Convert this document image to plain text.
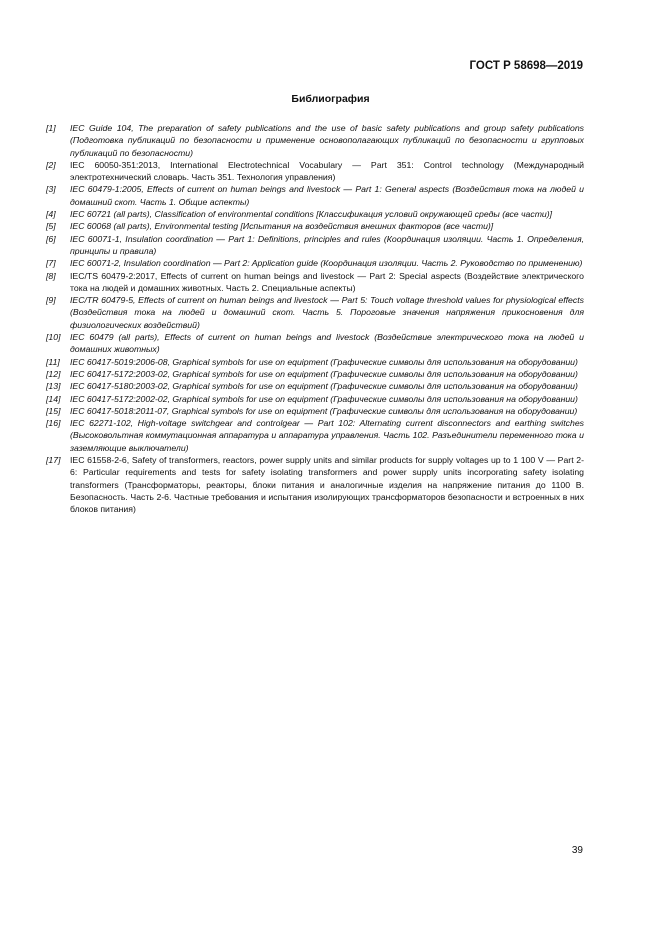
ГОСТ Р 58698—2019

Библиография
[1] IEC Guide 104, The preparation of safety publications and the use of basic safety publications and group safety publications (Подготовка публикаций по безопасности и применение основополагающих публикаций по безопасности и групповых публикаций по безопасности)
[2] IEC 60050-351:2013, International Electrotechnical Vocabulary — Part 351: Control technology (Международный электротехнический словарь. Часть 351. Технология управления)
[3] IEC 60479-1:2005, Effects of current on human beings and livestock — Part 1: General aspects (Воздействия тока на людей и домашний скот. Часть 1. Общие аспекты)
[4] IEC 60721 (all parts), Classification of environmental conditions [Классификация условий окружающей среды (все части)]
[5] IEC 60068 (all parts), Environmental testing [Испытания на воздействия внешних факторов (все части)]
[6] IEC 60071-1, Insulation coordination — Part 1: Definitions, principles and rules (Координация изоляции. Часть 1. Определения, принципы и правила)
[7] IEC 60071-2, Insulation coordination — Part 2: Application guide (Координация изоляции. Часть 2. Руководство по применению)
[8] IEC/TS 60479-2:2017, Effects of current on human beings and livestock — Part 2: Special aspects (Воздействие электрического тока на людей и домашних животных. Часть 2. Специальные аспекты)
[9] IEC/TR 60479-5, Effects of current on human beings and livestock — Part 5: Touch voltage threshold values for physiological effects (Воздействия тока на людей и домашний скот. Часть 5. Пороговые значения напряжения прикосновения для физиологических воздействий)
[10] IEC 60479 (all parts), Effects of current on human beings and livestock (Воздействие электрического тока на людей и домашних животных)
[11] IEC 60417-5019:2006-08, Graphical symbols for use on equipment (Графические символы для использования на оборудовании)
[12] IEC 60417-5172:2003-02, Graphical symbols for use on equipment (Графические символы для использования на оборудовании)
[13] IEC 60417-5180:2003-02, Graphical symbols for use on equipment (Графические символы для использования на оборудовании)
[14] IEC 60417-5172:2002-02, Graphical symbols for use on equipment (Графические символы для использования на оборудовании)
[15] IEC 60417-5018:2011-07, Graphical symbols for use on equipment (Графические символы для использования на оборудовании)
[16] IEC 62271-102, High-voltage switchgear and controlgear — Part 102: Alternating current disconnectors and earthing switches (Высоковольтная коммутационная аппаратура и аппаратура управления. Часть 102. Разъединители переменного тока и заземляющие выключатели)
[17] IEC 61558-2-6, Safety of transformers, reactors, power supply units and similar products for supply voltages up to 1 100 V — Part 2-6: Particular requirements and tests for safety isolating transformers and power supply units incorporating safety isolating transformers (Трансформаторы, реакторы, блоки питания и аналогичные изделия на напряжение питания до 1100 В. Безопасность. Часть 2-6. Частные требования и испытания изолирующих трансформаторов безопасности и встроенных в них блоков питания)

39
